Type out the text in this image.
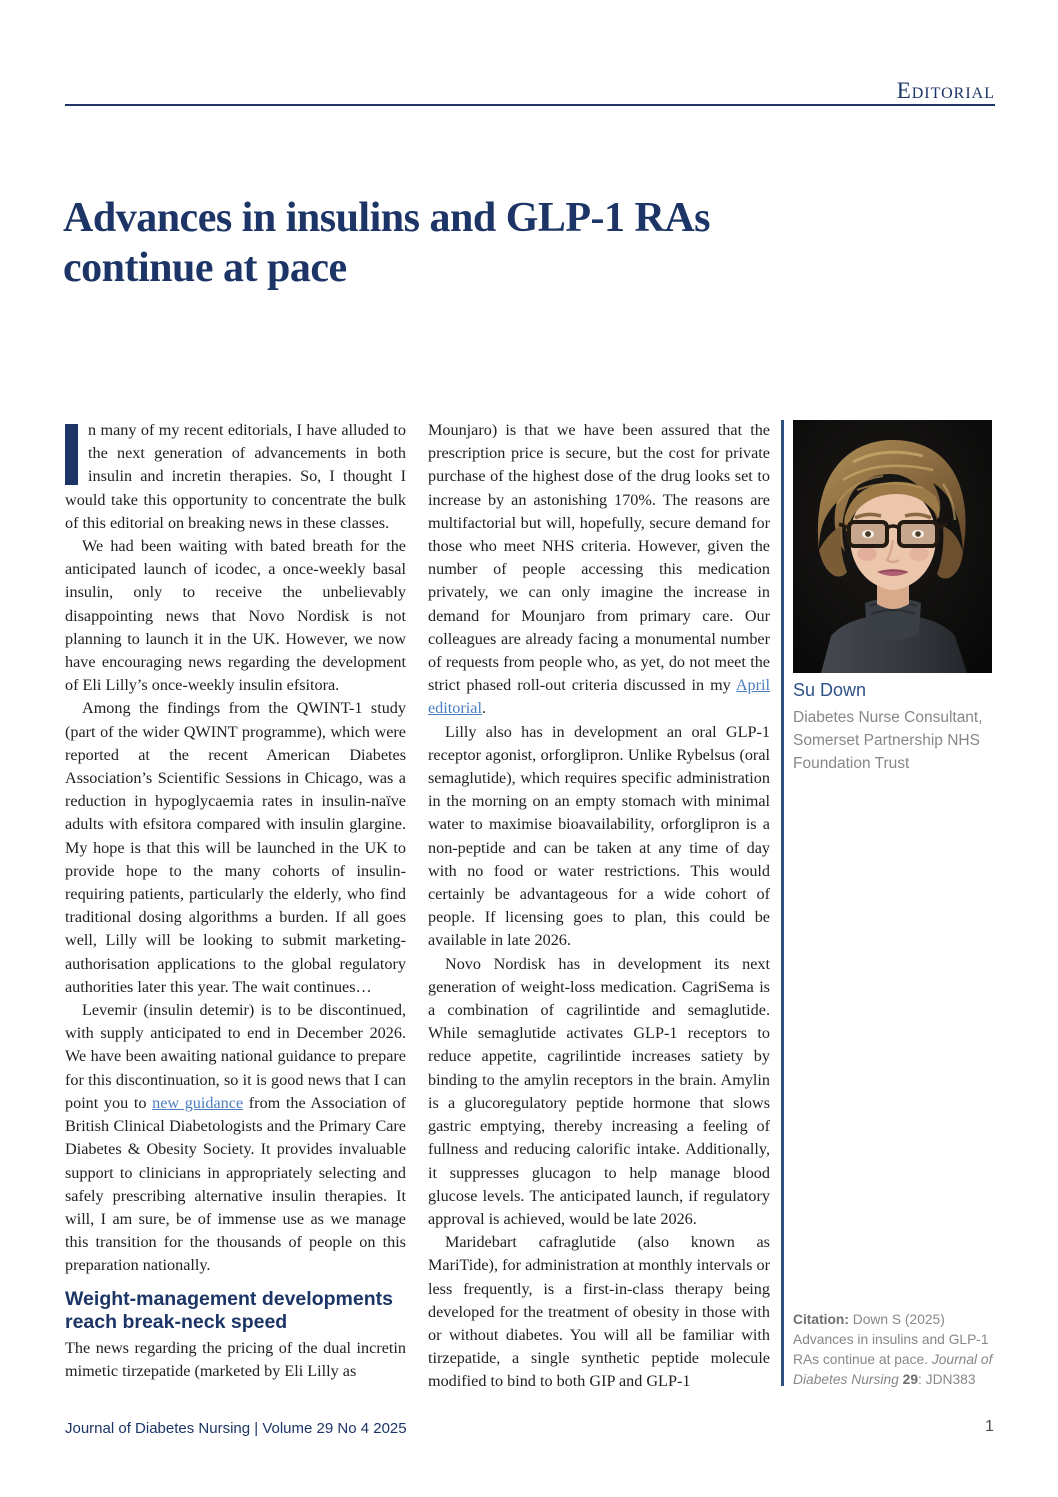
Editorial
Advances in insulins and GLP-1 RAs continue at pace

n many of my recent editorials, I have alluded to the next generation of advancements in both insulin and incretin therapies. So, I thought I would take this opportunity to concentrate the bulk of this editorial on breaking news in these classes.

We had been waiting with bated breath for the anticipated launch of icodec, a once-weekly basal insulin, only to receive the unbelievably disappointing news that Novo Nordisk is not planning to launch it in the UK. However, we now have encouraging news regarding the development of Eli Lilly’s once-weekly insulin efsitora.

Among the findings from the QWINT-1 study (part of the wider QWINT programme), which were reported at the recent American Diabetes Association’s Scientific Sessions in Chicago, was a reduction in hypoglycaemia rates in insulin-naïve adults with efsitora compared with insulin glargine. My hope is that this will be launched in the UK to provide hope to the many cohorts of insulin-requiring patients, particularly the elderly, who find traditional dosing algorithms a burden. If all goes well, Lilly will be looking to submit marketing-authorisation applications to the global regulatory authorities later this year. The wait continues…

Levemir (insulin detemir) is to be discontinued, with supply anticipated to end in December 2026. We have been awaiting national guidance to prepare for this discontinuation, so it is good news that I can point you to new guidance from the Association of British Clinical Diabetologists and the Primary Care Diabetes & Obesity Society. It provides invaluable support to clinicians in appropriately selecting and safely prescribing alternative insulin therapies. It will, I am sure, be of immense use as we manage this transition for the thousands of people on this preparation nationally.

Weight-management developments reach break-neck speed

The news regarding the pricing of the dual incretin mimetic tirzepatide (marketed by Eli Lilly as

Mounjaro) is that we have been assured that the prescription price is secure, but the cost for private purchase of the highest dose of the drug looks set to increase by an astonishing 170%. The reasons are multifactorial but will, hopefully, secure demand for those who meet NHS criteria. However, given the number of people accessing this medication privately, we can only imagine the increase in demand for Mounjaro from primary care. Our colleagues are already facing a monumental number of requests from people who, as yet, do not meet the strict phased roll-out criteria discussed in my April editorial.

Lilly also has in development an oral GLP-1 receptor agonist, orforglipron. Unlike Rybelsus (oral semaglutide), which requires specific administration in the morning on an empty stomach with minimal water to maximise bioavailability, orforglipron is a non-peptide and can be taken at any time of day with no food or water restrictions. This would certainly be advantageous for a wide cohort of people. If licensing goes to plan, this could be available in late 2026.

Novo Nordisk has in development its next generation of weight-loss medication. CagriSema is a combination of cagrilintide and semaglutide. While semaglutide activates GLP-1 receptors to reduce appetite, cagrilintide increases satiety by binding to the amylin receptors in the brain. Amylin is a glucoregulatory peptide hormone that slows gastric emptying, thereby increasing a feeling of fullness and reducing calorific intake. Additionally, it suppresses glucagon to help manage blood glucose levels. The anticipated launch, if regulatory approval is achieved, would be late 2026.

Maridebart cafraglutide (also known as MariTide), for administration at monthly intervals or less frequently, is a first-in-class therapy being developed for the treatment of obesity in those with or without diabetes. You will all be familiar with tirzepatide, a single synthetic peptide molecule modified to bind to both GIP and GLP-1

Su Down
Diabetes Nurse Consultant, Somerset Partnership NHS Foundation Trust
Citation: Down S (2025) Advances in insulins and GLP-1 RAs continue at pace. Journal of Diabetes Nursing 29: JDN383
Journal of Diabetes Nursing | Volume 29 No 4 2025	1
